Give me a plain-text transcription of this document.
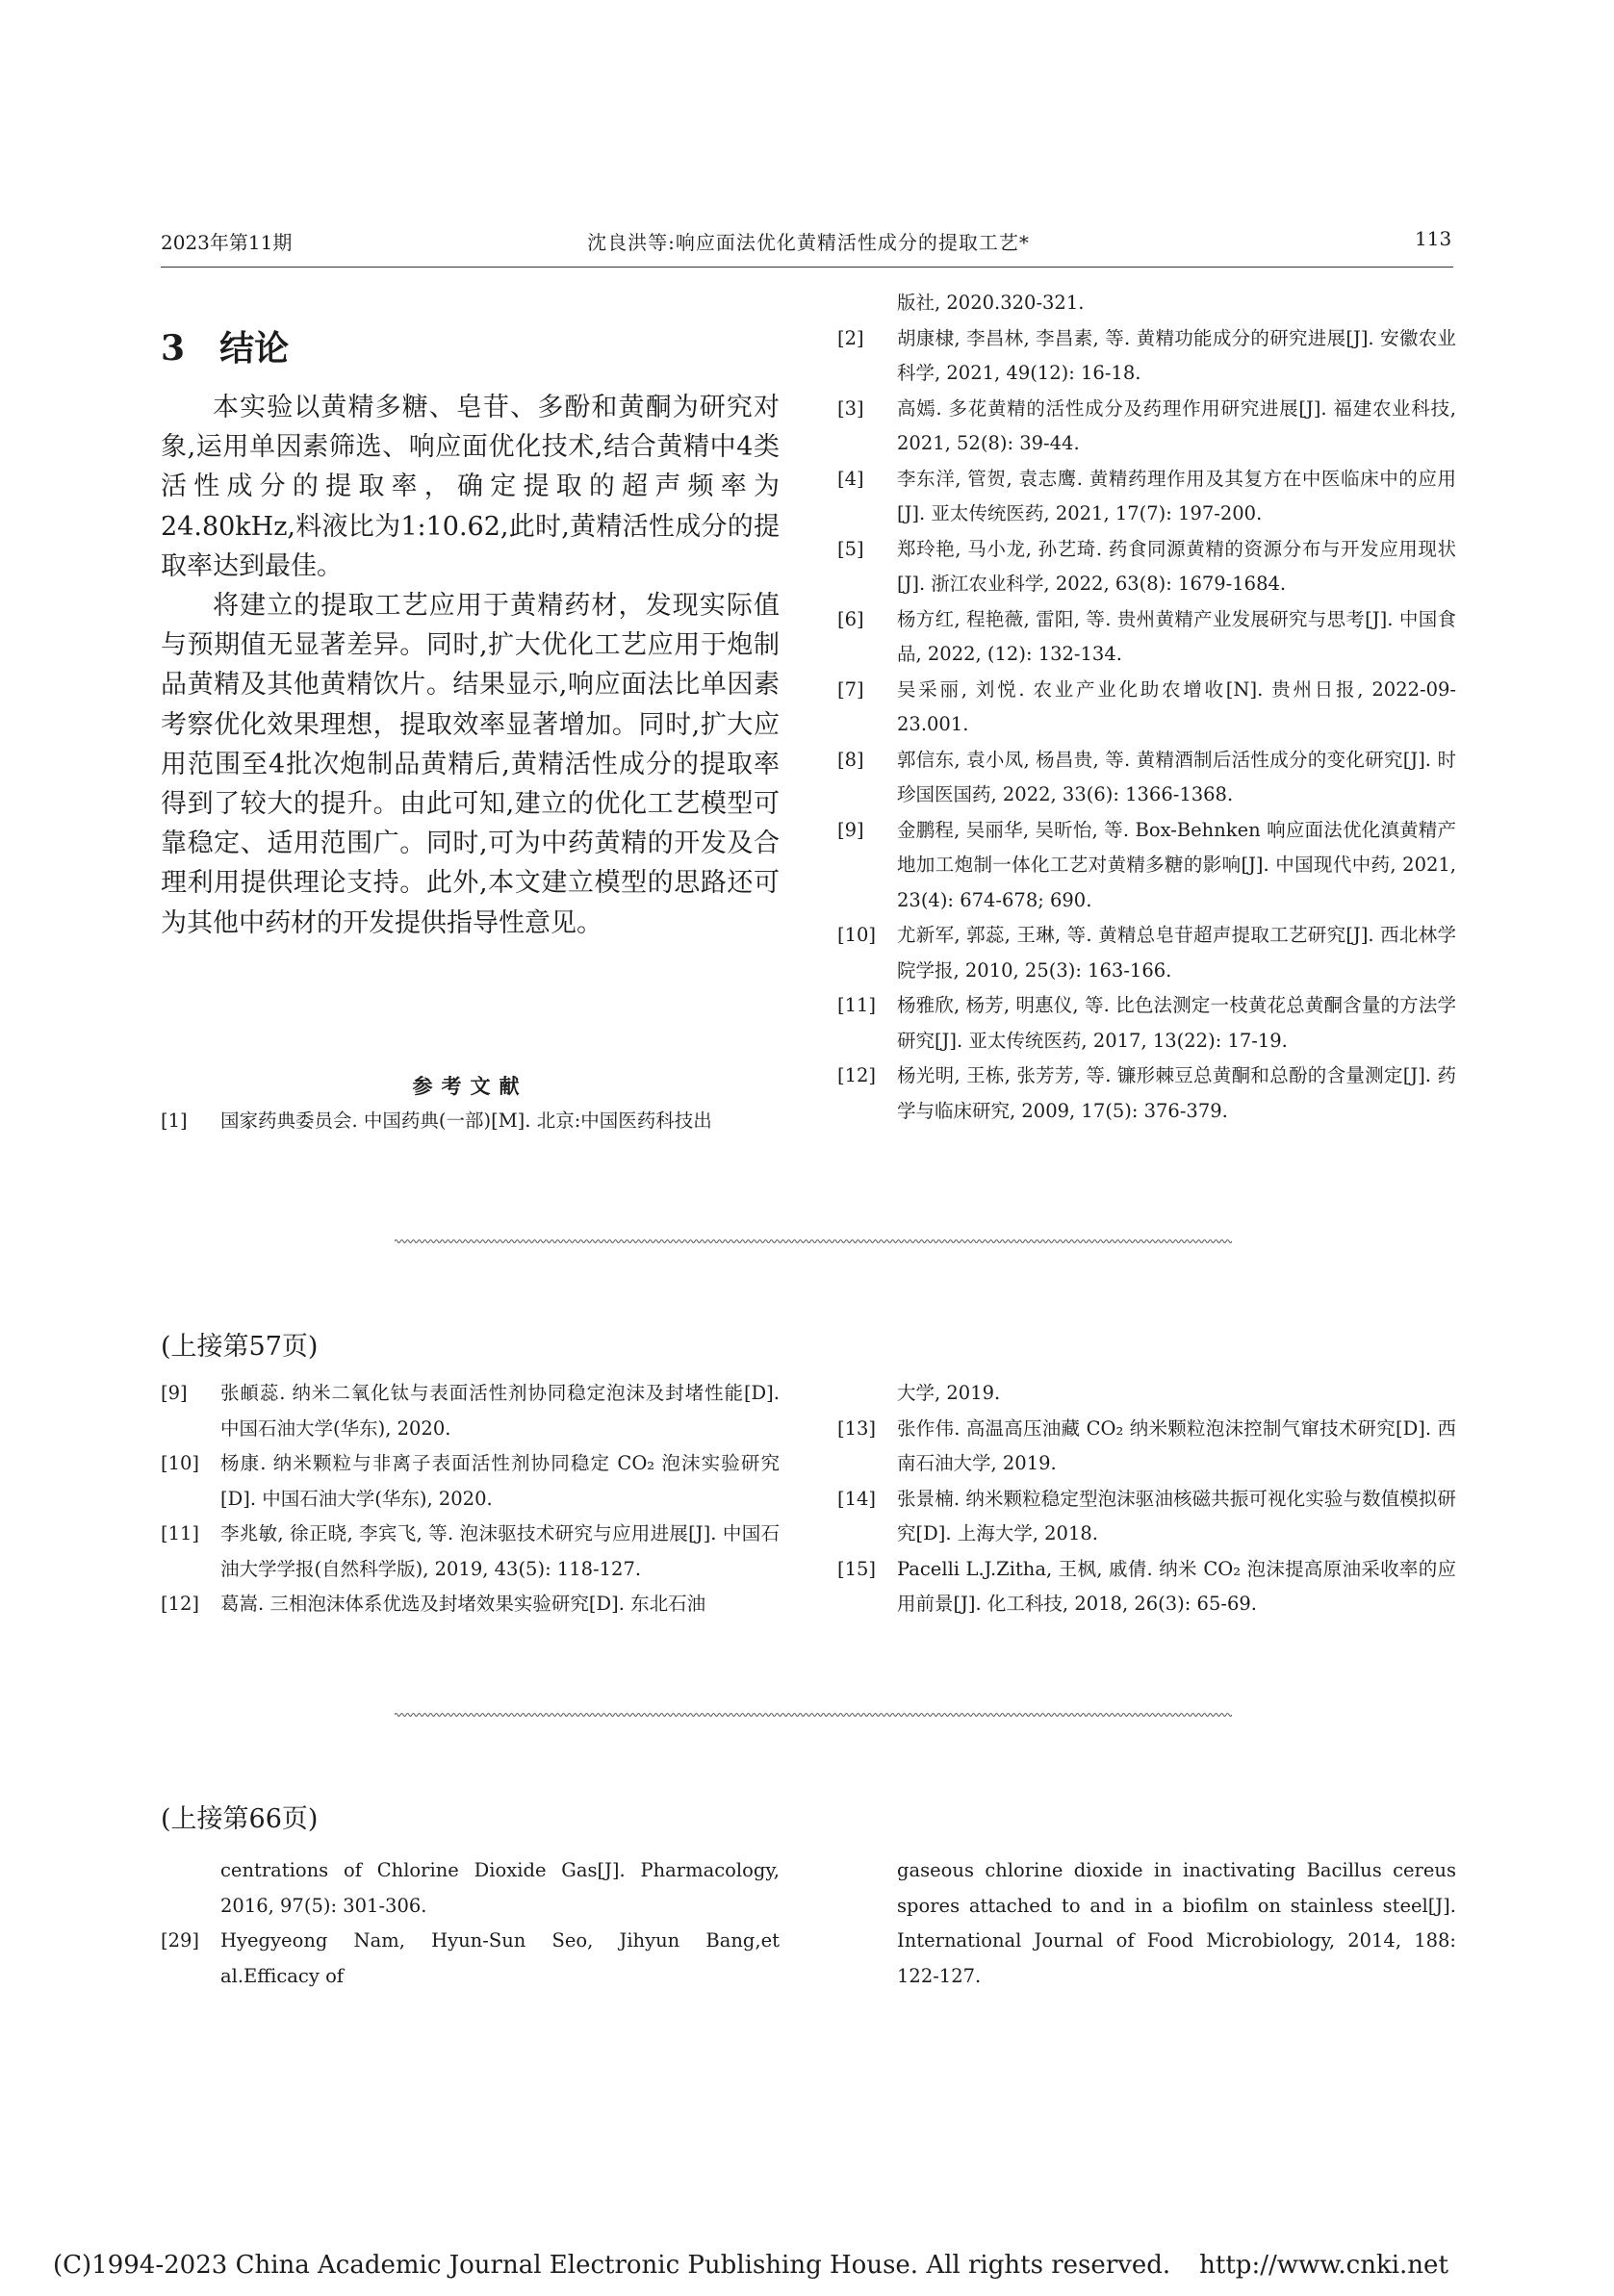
2023年第11期	沈良洪等:响应面法优化黄精活性成分的提取工艺*	113
3 结论

本实验以黄精多糖、皂苷、多酚和黄酮为研究对象,运用单因素筛选、响应面优化技术,结合黄精中4类活性成分的提取率，确定提取的超声频率为24.80kHz,料液比为1:10.62,此时,黄精活性成分的提取率达到最佳。

将建立的提取工艺应用于黄精药材，发现实际值与预期值无显著差异。同时,扩大优化工艺应用于炮制品黄精及其他黄精饮片。结果显示,响应面法比单因素考察优化效果理想，提取效率显著增加。同时,扩大应用范围至4批次炮制品黄精后,黄精活性成分的提取率得到了较大的提升。由此可知,建立的优化工艺模型可靠稳定、适用范围广。同时,可为中药黄精的开发及合理利用提供理论支持。此外,本文建立模型的思路还可为其他中药材的开发提供指导性意见。

参考文献
[1]	国家药典委员会. 中国药典(一部)[M]. 北京:中国医药科技出
版社, 2020.320-321.
[2]	胡康棣, 李昌林, 李昌素, 等. 黄精功能成分的研究进展[J]. 安徽农业科学, 2021, 49(12): 16-18.
[3]	高嫣. 多花黄精的活性成分及药理作用研究进展[J]. 福建农业科技, 2021, 52(8): 39-44.
[4]	李东洋, 管贺, 袁志鹰. 黄精药理作用及其复方在中医临床中的应用[J]. 亚太传统医药, 2021, 17(7): 197-200.
[5]	郑玲艳, 马小龙, 孙艺琦. 药食同源黄精的资源分布与开发应用现状[J]. 浙江农业科学, 2022, 63(8): 1679-1684.
[6]	杨方红, 程艳薇, 雷阳, 等. 贵州黄精产业发展研究与思考[J]. 中国食品, 2022, (12): 132-134.
[7]	吴采丽, 刘悦. 农业产业化助农增收[N]. 贵州日报, 2022-09-23.001.
[8]	郭信东, 袁小凤, 杨昌贵, 等. 黄精酒制后活性成分的变化研究[J]. 时珍国医国药, 2022, 33(6): 1366-1368.
[9]	金鹏程, 吴丽华, 吴昕怡, 等. Box-Behnken 响应面法优化滇黄精产地加工炮制一体化工艺对黄精多糖的影响[J]. 中国现代中药, 2021, 23(4): 674-678; 690.
[10]	尤新军, 郭蕊, 王琳, 等. 黄精总皂苷超声提取工艺研究[J]. 西北林学院学报, 2010, 25(3): 163-166.
[11]	杨雅欣, 杨芳, 明惠仪, 等. 比色法测定一枝黄花总黄酮含量的方法学研究[J]. 亚太传统医药, 2017, 13(22): 17-19.
[12]	杨光明, 王栋, 张芳芳, 等. 镰形棘豆总黄酮和总酚的含量测定[J]. 药学与临床研究, 2009, 17(5): 376-379.
(上接第57页)
[9]	张頔蕊. 纳米二氧化钛与表面活性剂协同稳定泡沫及封堵性能[D]. 中国石油大学(华东), 2020.
[10]	杨康. 纳米颗粒与非离子表面活性剂协同稳定 CO₂ 泡沫实验研究[D]. 中国石油大学(华东), 2020.
[11]	李兆敏, 徐正晓, 李宾飞, 等. 泡沫驱技术研究与应用进展[J]. 中国石油大学学报(自然科学版), 2019, 43(5): 118-127.
[12]	葛嵩. 三相泡沫体系优选及封堵效果实验研究[D]. 东北石油
大学, 2019.
[13]	张作伟. 高温高压油藏 CO₂ 纳米颗粒泡沫控制气窜技术研究[D]. 西南石油大学, 2019.
[14]	张景楠. 纳米颗粒稳定型泡沫驱油核磁共振可视化实验与数值模拟研究[D]. 上海大学, 2018.
[15]	Pacelli L.J.Zitha, 王枫, 戚倩. 纳米 CO₂ 泡沫提高原油采收率的应用前景[J]. 化工科技, 2018, 26(3): 65-69.
(上接第66页)
centrations of Chlorine Dioxide Gas[J]. Pharmacology, 2016, 97(5): 301-306.
[29]	Hyegyeong Nam, Hyun-Sun Seo, Jihyun Bang,et al.Efficacy of
gaseous chlorine dioxide in inactivating Bacillus cereus spores attached to and in a biofilm on stainless steel[J]. International Journal of Food Microbiology, 2014, 188: 122-127.
(C)1994-2023 China Academic Journal Electronic Publishing House. All rights reserved. http://www.cnki.net
